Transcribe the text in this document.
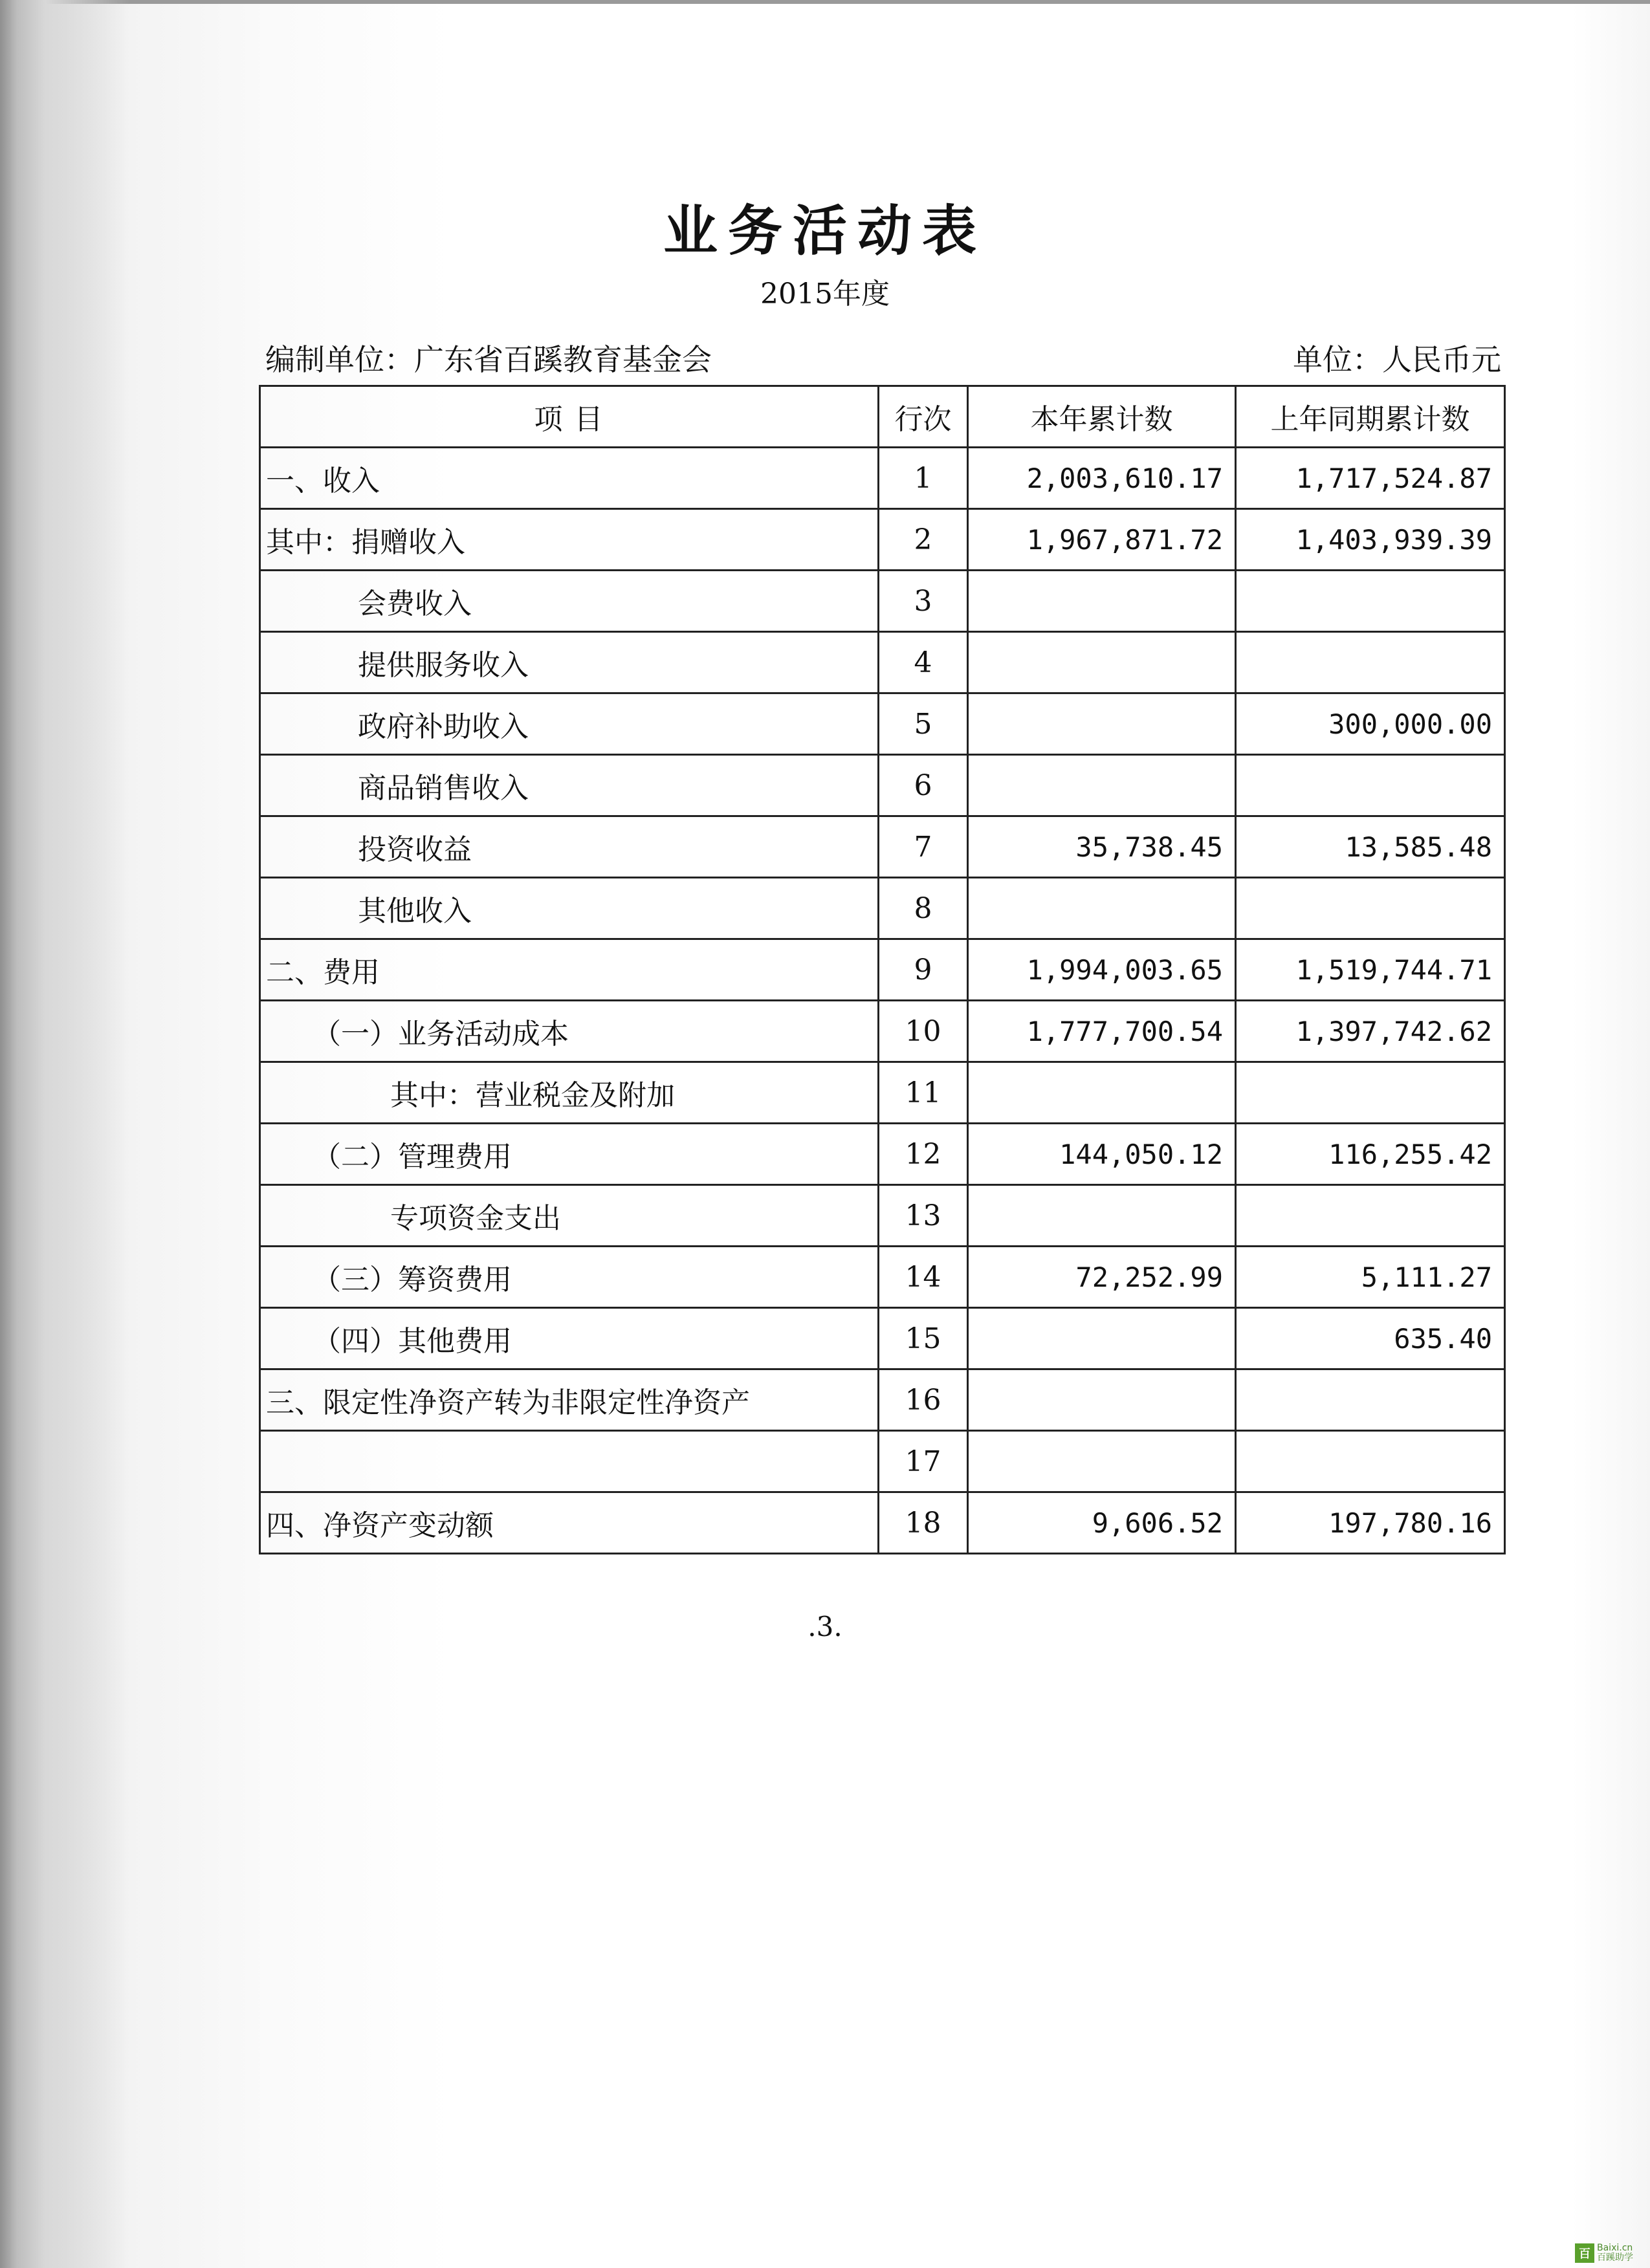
业务活动表
2015年度
编制单位：广东省百蹊教育基金会	单位：人民币元
项 目	行次	本年累计数	上年同期累计数
一、收入	1	2,003,610.17	1,717,524.87
其中：捐赠收入	2	1,967,871.72	1,403,939.39
会费收入	3		
提供服务收入	4		
政府补助收入	5		300,000.00
商品销售收入	6		
投资收益	7	35,738.45	13,585.48
其他收入	8		
二、费用	9	1,994,003.65	1,519,744.71
（一）业务活动成本	10	1,777,700.54	1,397,742.62
其中：营业税金及附加	11		
（二）管理费用	12	144,050.12	116,255.42
专项资金支出	13		
（三）筹资费用	14	72,252.99	5,111.27
（四）其他费用	15		635.40
三、限定性净资产转为非限定性净资产	16		
	17		
四、净资产变动额	18	9,606.52	197,780.16
.3.
百 Baixi.cn
百蹊助学
